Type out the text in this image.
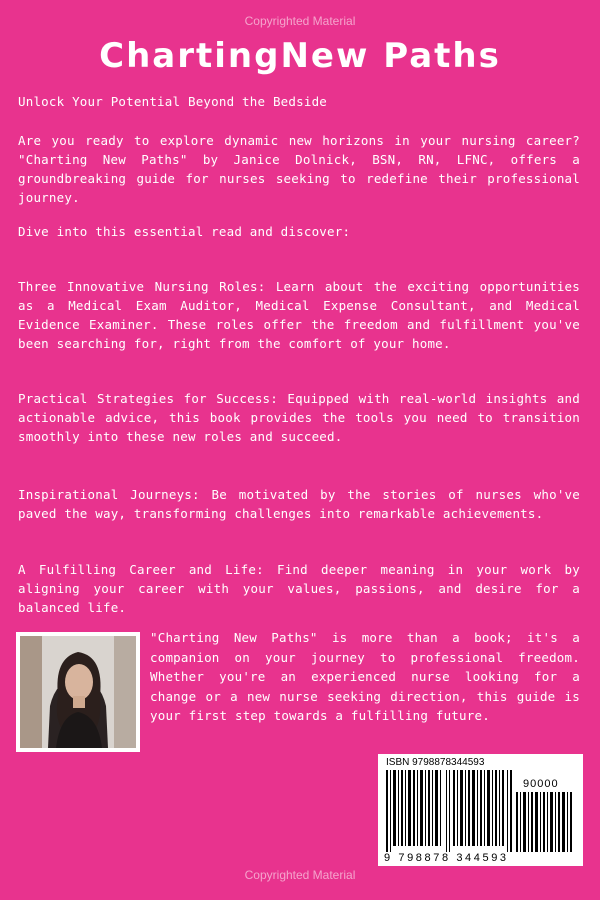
Copyrighted Material
ChartingNew Paths

Unlock Your Potential Beyond the Bedside

Are you ready to explore dynamic new horizons in your nursing career? "Charting New Paths" by Janice Dolnick, BSN, RN, LFNC, offers a groundbreaking guide for nurses seeking to redefine their professional journey.

Dive into this essential read and discover:

Three Innovative Nursing Roles: Learn about the exciting opportunities as a Medical Exam Auditor, Medical Expense Consultant, and Medical Evidence Examiner. These roles offer the freedom and fulfillment you've been searching for, right from the comfort of your home.

Practical Strategies for Success: Equipped with real-world insights and actionable advice, this book provides the tools you need to transition smoothly into these new roles and succeed.

Inspirational Journeys: Be motivated by the stories of nurses who've paved the way, transforming challenges into remarkable achievements.

A Fulfilling Career and Life: Find deeper meaning in your work by aligning your career with your values, passions, and desire for a balanced life.

"Charting New Paths" is more than a book; it's a companion on your journey to professional freedom. Whether you're an experienced nurse looking for a change or a new nurse seeking direction, this guide is your first step towards a fulfilling future.

ISBN 9798878344593
90000
9 798878 344593
Copyrighted Material
